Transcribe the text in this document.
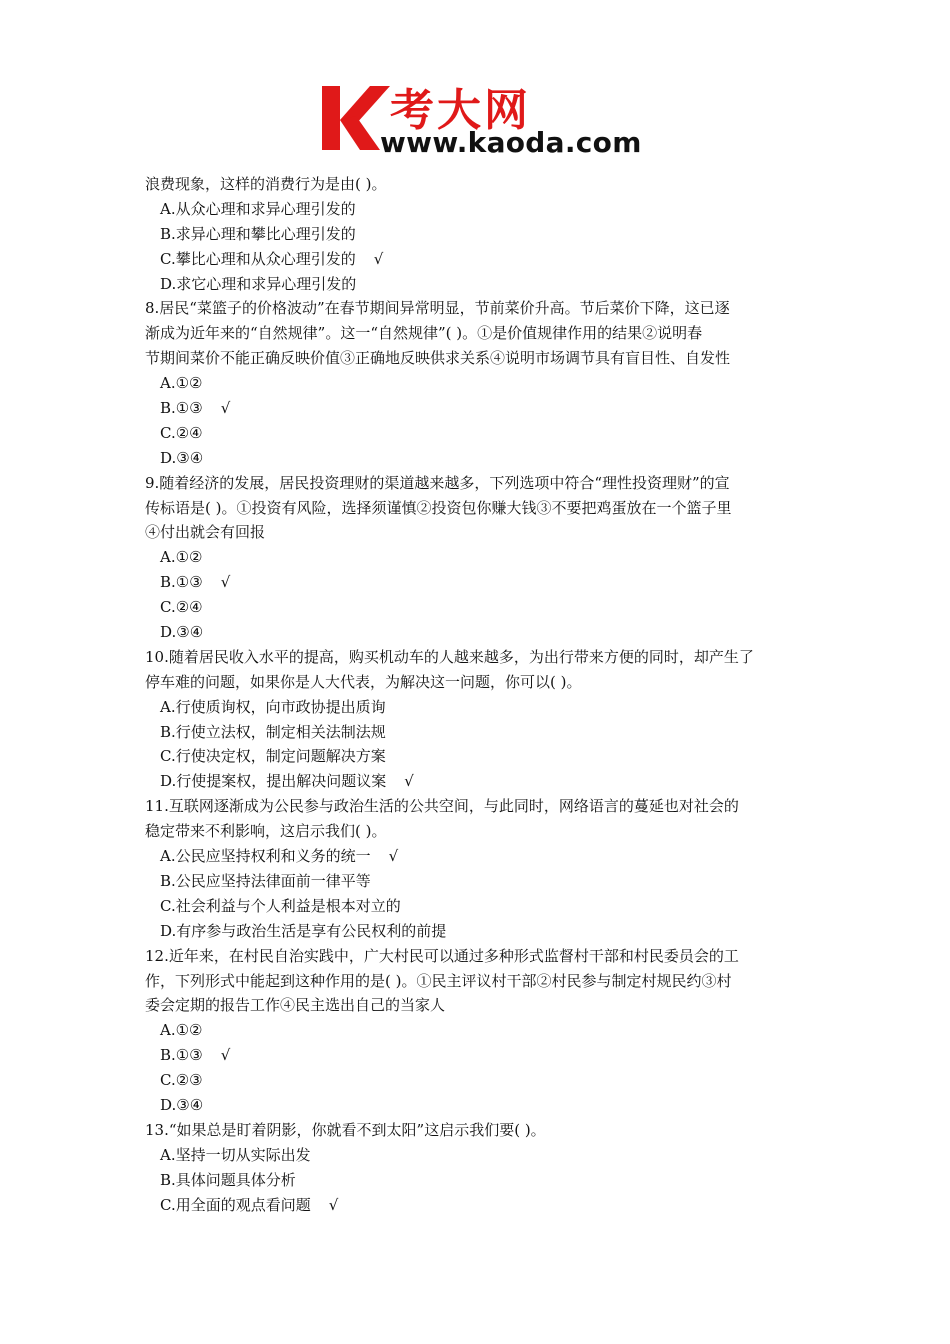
考大网
www.kaoda.com
浪费现象，这样的消费行为是由( )。
A.从众心理和求异心理引发的
B.求异心理和攀比心理引发的
C.攀比心理和从众心理引发的 √
D.求它心理和求异心理引发的
8.居民“菜篮子的价格波动”在春节期间异常明显，节前菜价升高。节后菜价下降，这已逐
渐成为近年来的“自然规律”。这一“自然规律”( )。①是价值规律作用的结果②说明春
节期间菜价不能正确反映价值③正确地反映供求关系④说明市场调节具有盲目性、自发性
A.①②
B.①③ √
C.②④
D.③④
9.随着经济的发展，居民投资理财的渠道越来越多，下列选项中符合“理性投资理财”的宣
传标语是( )。①投资有风险，选择须谨慎②投资包你赚大钱③不要把鸡蛋放在一个篮子里
④付出就会有回报
A.①②
B.①③ √
C.②④
D.③④
10.随着居民收入水平的提高，购买机动车的人越来越多，为出行带来方便的同时，却产生了
停车难的问题，如果你是人大代表，为解决这一问题，你可以( )。
A.行使质询权，向市政协提出质询
B.行使立法权，制定相关法制法规
C.行使决定权，制定问题解决方案
D.行使提案权，提出解决问题议案 √
11.互联网逐渐成为公民参与政治生活的公共空间，与此同时，网络语言的蔓延也对社会的
稳定带来不利影响，这启示我们( )。
A.公民应坚持权利和义务的统一 √
B.公民应坚持法律面前一律平等
C.社会利益与个人利益是根本对立的
D.有序参与政治生活是享有公民权利的前提
12.近年来，在村民自治实践中，广大村民可以通过多种形式监督村干部和村民委员会的工
作，下列形式中能起到这种作用的是( )。①民主评议村干部②村民参与制定村规民约③村
委会定期的报告工作④民主选出自己的当家人
A.①②
B.①③ √
C.②③
D.③④
13.“如果总是盯着阴影，你就看不到太阳”这启示我们要( )。
A.坚持一切从实际出发
B.具体问题具体分析
C.用全面的观点看问题 √
